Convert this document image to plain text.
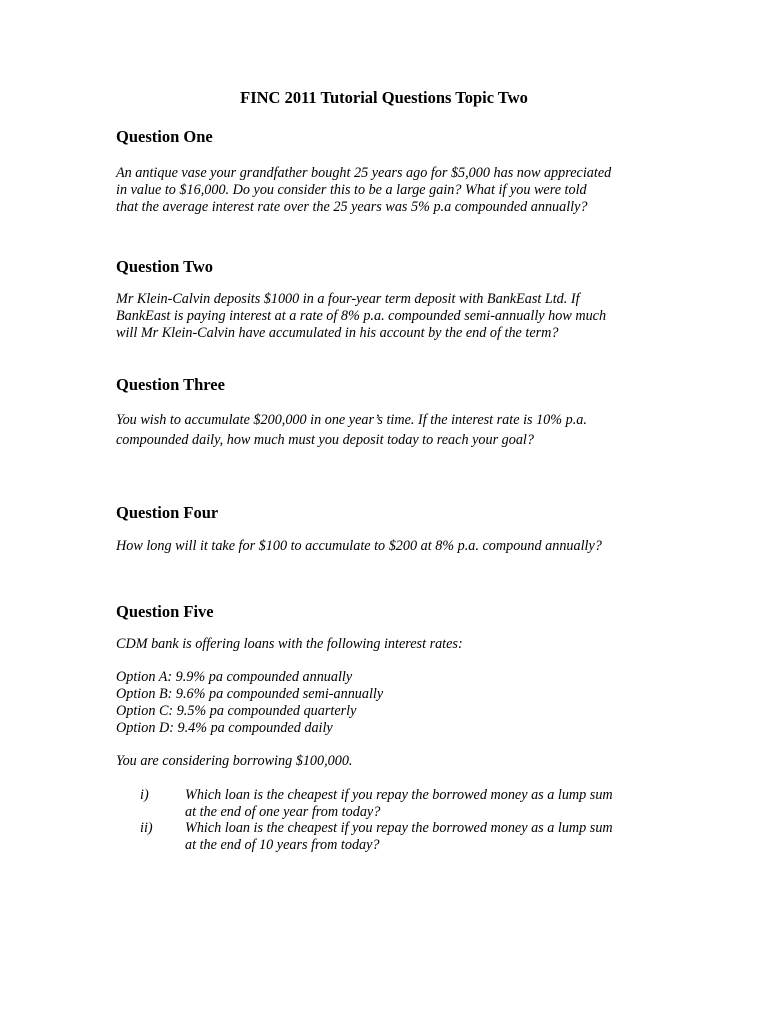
FINC 2011 Tutorial Questions Topic Two
Question One
An antique vase your grandfather bought 25 years ago for $5,000 has now appreciated
in value to $16,000. Do you consider this to be a large gain? What if you were told
that the average interest rate over the 25 years was 5% p.a compounded annually?
Question Two
Mr Klein-Calvin deposits $1000 in a four-year term deposit with BankEast Ltd. If
BankEast is paying interest at a rate of 8% p.a. compounded semi-annually how much
will Mr Klein-Calvin have accumulated in his account by the end of the term?
Question Three
You wish to accumulate $200,000 in one year’s time. If the interest rate is 10% p.a.
compounded daily, how much must you deposit today to reach your goal?
Question Four
How long will it take for $100 to accumulate to $200 at 8% p.a. compound annually?
Question Five
CDM bank is offering loans with the following interest rates:
Option A: 9.9% pa compounded annually
Option B: 9.6% pa compounded semi-annually
Option C: 9.5% pa compounded quarterly
Option D: 9.4% pa compounded daily
You are considering borrowing $100,000.
i)	Which loan is the cheapest if you repay the borrowed money as a lump sum
at the end of one year from today?
ii) Which loan is the cheapest if you repay the borrowed money as a lump sum
at the end of 10 years from today?
